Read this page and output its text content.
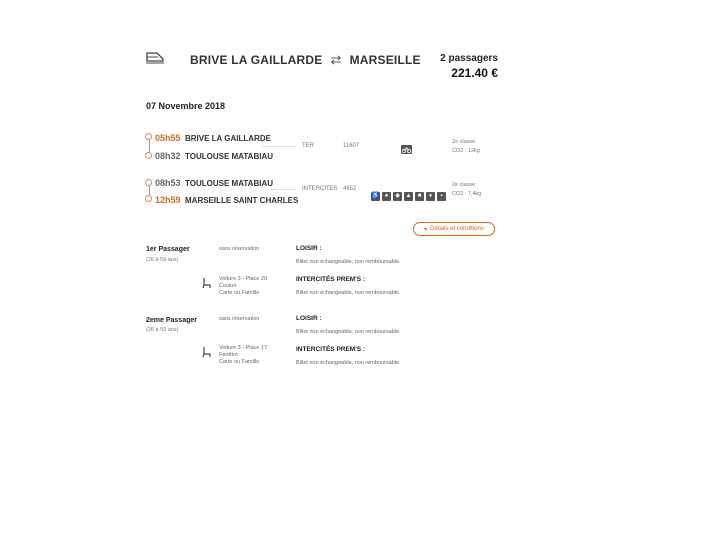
BRIVE LA GAILLARDE ⇄ MARSEILLE 2 passagers
221.40 €
07 Novembre 2018
05h55 BRIVE LA GAILLARDE
08h32 TOULOUSE MATABIAU
TER	11607
2e classe
CO2 : 12kg
08h53 TOULOUSE MATABIAU
12h59 MARSEILLE SAINT CHARLES
INTERCITES 4652
♿ ● ◆ ▲ ■ ♦ ▪
2e classe
CO2 : 7,4kg
▾ Détails et conditions
1er Passager
(26 à 59 ans)
sans réservation
Voiture 3 - Place 20
Couloir
Carte ou Famille
LOISIR :
Billet non échangeable, non remboursable.
INTERCITÉS PREM'S :
Billet non échangeable, non remboursable.
2eme Passager
(26 à 59 ans)
sans réservation
Voiture 3 - Place 17
Fenêtre
Carte ou Famille
LOISIR :
Billet non échangeable, non remboursable.
INTERCITÉS PREM'S :
Billet non échangeable, non remboursable.
